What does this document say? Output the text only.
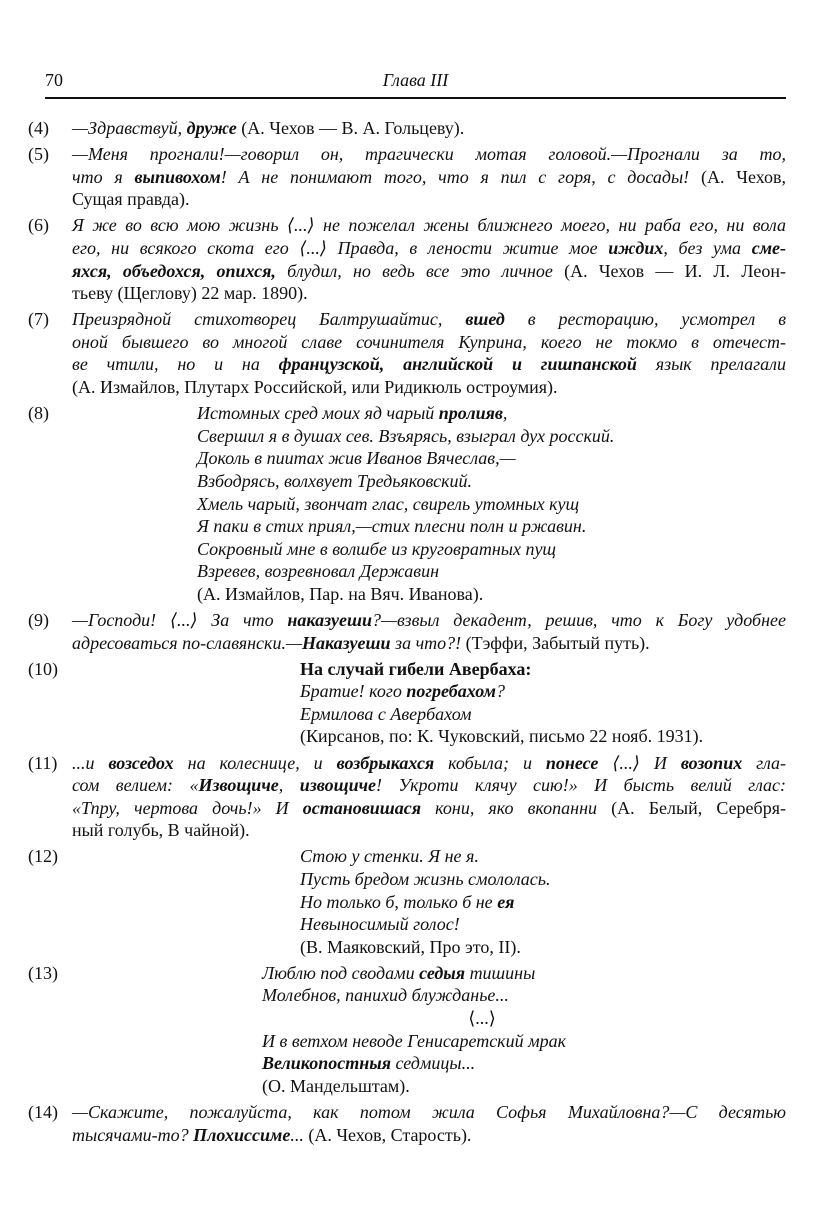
70	Глава III
(4) —Здравствуй, друже (А. Чехов — В. А. Гольцеву).
(5) —Меня прогнали!—говорил он, трагически мотая головой.—Прогнали за то,
что я выпивохом! А не понимают того, что я пил с горя, с досады! (А. Чехов,
Сущая правда).
(6) Я же во всю мою жизнь ⟨...⟩ не пожелал жены ближнего моего, ни раба его, ни вола
его, ни всякого скота его ⟨...⟩ Правда, в лености житие мое иждих, без ума сме-
яхся, объедохся, опихся, блудил, но ведь все это личное (А. Чехов — И. Л. Леон-
тьеву (Щеглову) 22 мар. 1890).
(7) Преизрядной стихотворец Балтрушайтис, вшед в ресторацию, усмотрел в
оной бывшего во многой славе сочинителя Куприна, коего не токмо в отечест-
ве чтили, но и на французской, английской и гишпанской язык прелагали
(А. Измайлов, Плутарх Российской, или Ридикюль остроумия).
(8)	Истомных сред моих яд чарый пролияв,
Свершил я в душах сев. Взъярясь, взыграл дух росский.
Доколь в пиитах жив Иванов Вячеслав,—
Взбодрясь, волхвует Тредьяковский.
Хмель чарый, звончат глас, свирель утомных кущ
Я паки в стих приял,—стих плесни полн и ржавин.
Сокровный мне в волшбе из круговратных пущ
Взревев, возревновал Державин
(А. Измайлов, Пар. на Вяч. Иванова).
(9) —Господи! ⟨...⟩ За что наказуеши?—взвыл декадент, решив, что к Богу удобнее
адресоваться по-славянски.—Наказуеши за что?! (Тэффи, Забытый путь).
(10)	На случай гибели Авербаха:
Братие! кого погребахом?
Ермилова с Авербахом
(Кирсанов, по: К. Чуковский, письмо 22 нояб. 1931).
(11) ...и возседох на колеснице, и возбрыкахся кобыла; и понесе ⟨...⟩ И возопих гла-
сом велием: «Извощиче, извощиче! Укроти клячу сию!» И бысть велий глас:
«Тпру, чертова дочь!» И остановишася кони, яко вкопанни (А. Белый, Серебря-
ный голубь, В чайной).
(12)	Стою у стенки. Я не я.
Пусть бредом жизнь смололась.
Но только б, только б не ея
Невыносимый голос!
(В. Маяковский, Про это, II).
(13)	Люблю под сводами седыя тишины
Молебнов, панихид блужданье...
⟨...⟩
И в ветхом неводе Генисаретский мрак
Великопостныя седмицы...
(О. Мандельштам).
(14) —Скажите, пожалуйста, как потом жила Софья Михайловна?—С десятью
тысячами-то? Плохиссиме... (А. Чехов, Старость).
